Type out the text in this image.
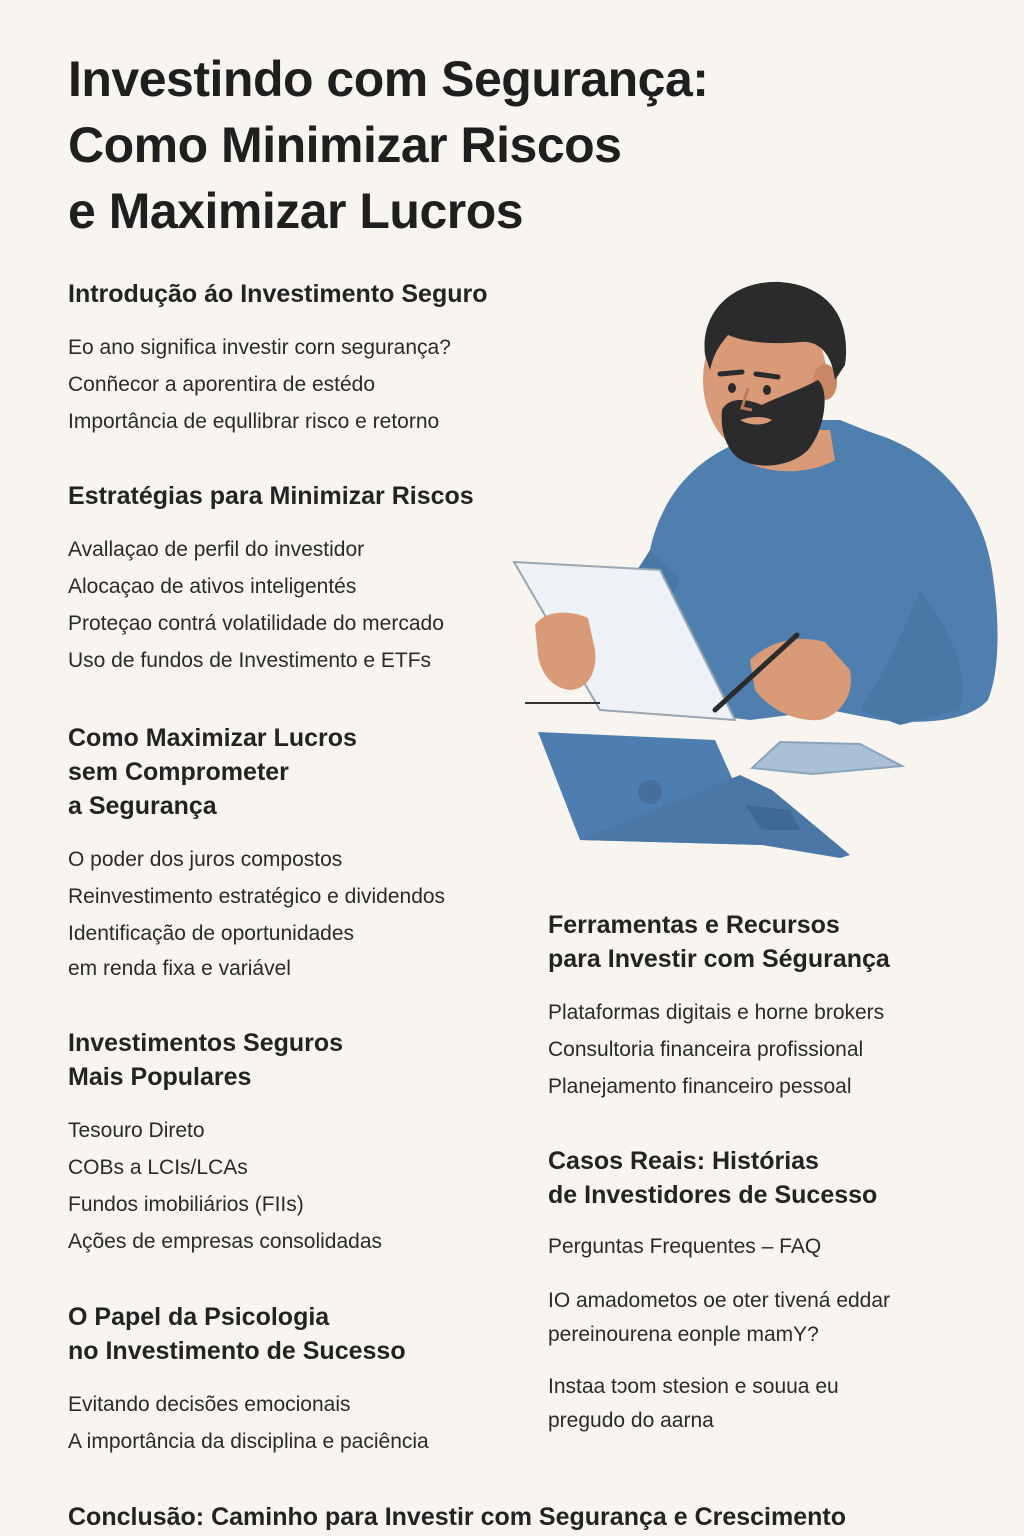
Investindo com Segurança:
Como Minimizar Riscos
e Maximizar Lucros
Introdução áo Investimento Seguro
Eo ano significa investir corn segurança?
Conñecor a aporentira de estédo
Importância de equllibrar risco e retorno
Estratégias para Minimizar Riscos
Avallaçao de perfil do investidor
Alocaçao de ativos inteligentés
Proteçao contrá volatilidade do mercado
Uso de fundos de Investimento e ETFs
Como Maximizar Lucros
sem Comprometer
a Segurança
O poder dos juros compostos
Reinvestimento estratégico e dividendos
Identificação de oportunidades
em renda fixa e variável
Investimentos Seguros
Mais Populares
Tesouro Direto
COBs a LCIs/LCAs
Fundos imobiliários (FIIs)
Ações de empresas consolidadas
O Papel da Psicologia
no Investimento de Sucesso
Evitando decisões emocionais
A importância da disciplina e paciência
Ferramentas e Recursos
para Investir com Ségurança
Plataformas digitais e horne brokers
Consultoria financeira profissional
Planejamento financeiro pessoal
Casos Reais: Histórias
de Investidores de Sucesso

Perguntas Frequentes – FAQ

IO amadometos oe oter tivená eddar
pereinourena eonple mamY?

Instaa tɔom stesion e souua eu
pregudo do aarna

Conclusão: Caminho para Investir com Segurança e Crescimento
